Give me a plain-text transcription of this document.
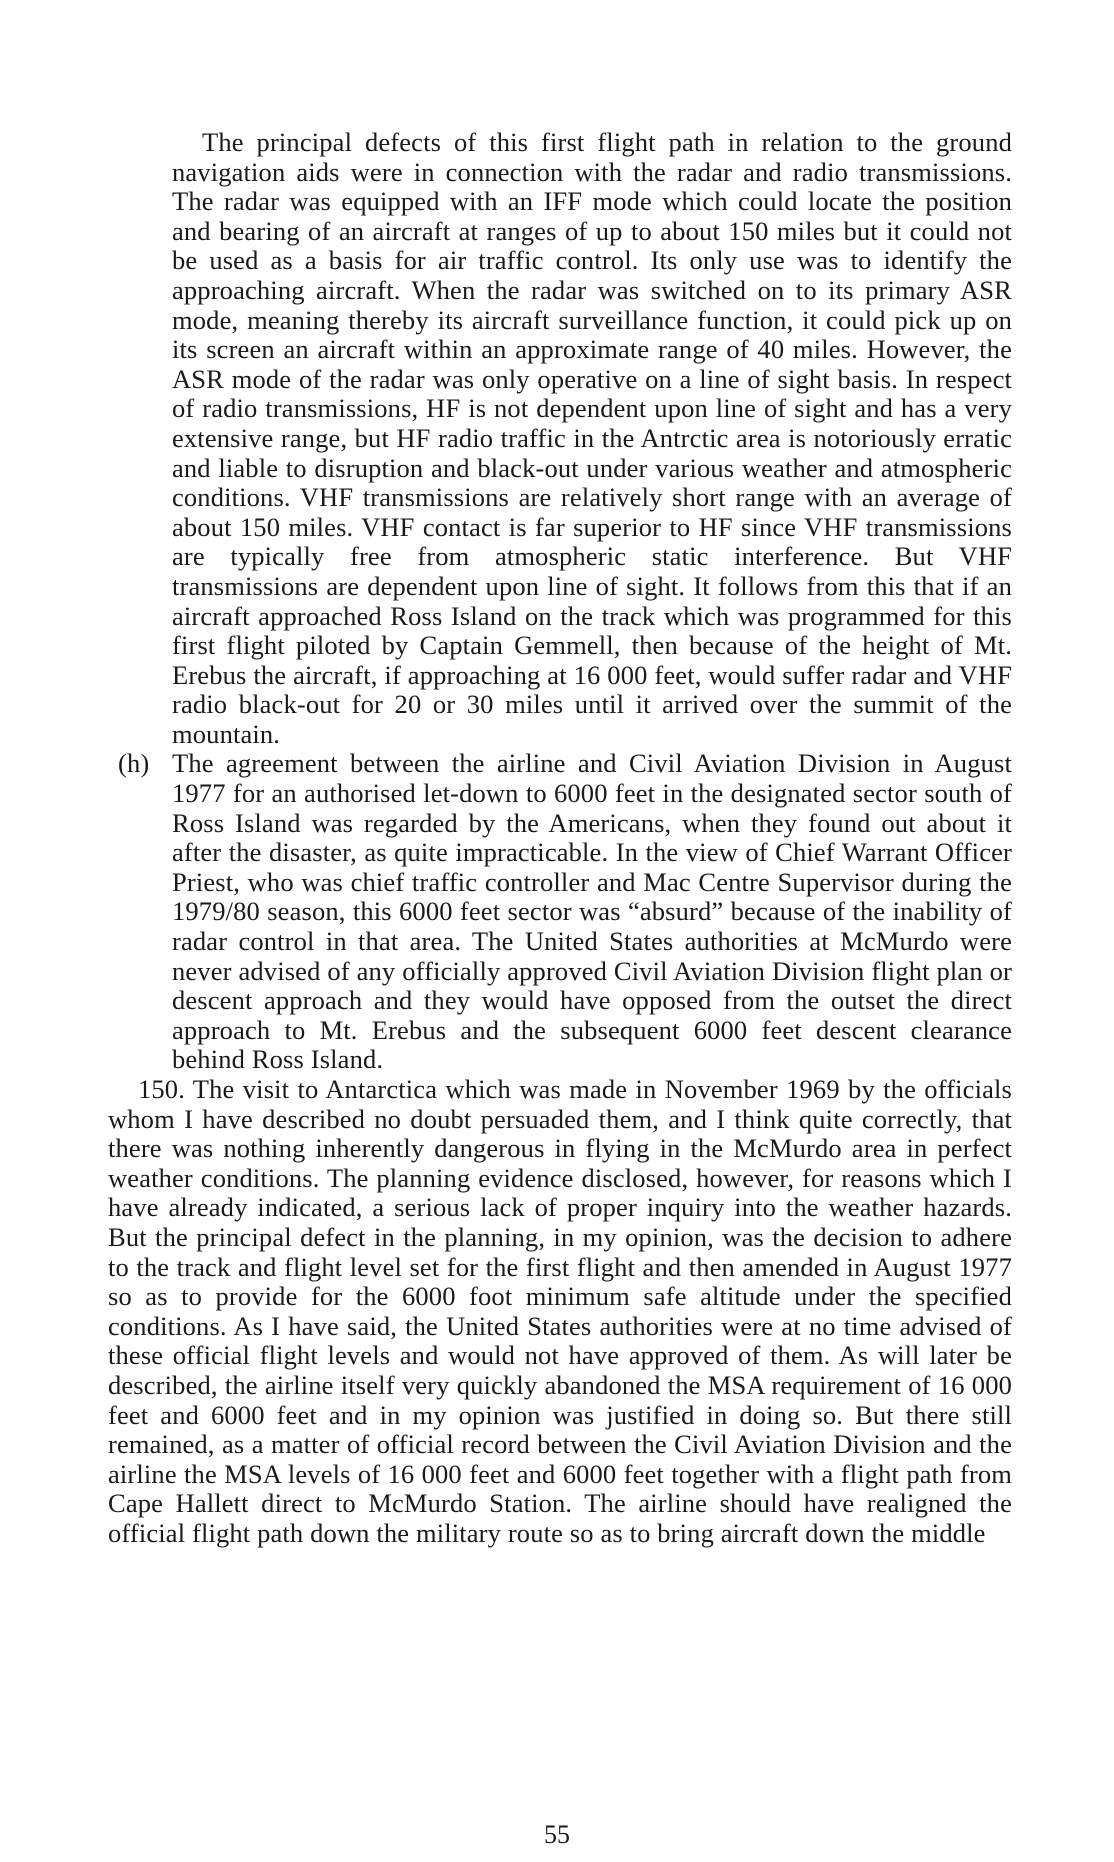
The principal defects of this first flight path in relation to the ground navigation aids were in connection with the radar and radio transmissions. The radar was equipped with an IFF mode which could locate the position and bearing of an aircraft at ranges of up to about 150 miles but it could not be used as a basis for air traffic control. Its only use was to identify the approaching aircraft. When the radar was switched on to its primary ASR mode, meaning thereby its aircraft surveillance function, it could pick up on its screen an aircraft within an approximate range of 40 miles. However, the ASR mode of the radar was only operative on a line of sight basis. In respect of radio transmissions, HF is not dependent upon line of sight and has a very extensive range, but HF radio traffic in the Antrctic area is notoriously erratic and liable to disruption and black-out under various weather and atmospheric conditions. VHF transmissions are relatively short range with an average of about 150 miles. VHF contact is far superior to HF since VHF transmissions are typically free from atmospheric static interference. But VHF transmissions are dependent upon line of sight. It follows from this that if an aircraft approached Ross Island on the track which was programmed for this first flight piloted by Captain Gemmell, then because of the height of Mt. Erebus the aircraft, if approaching at 16 000 feet, would suffer radar and VHF radio black-out for 20 or 30 miles until it arrived over the summit of the mountain.

(h) The agreement between the airline and Civil Aviation Division in August 1977 for an authorised let-down to 6000 feet in the designated sector south of Ross Island was regarded by the Americans, when they found out about it after the disaster, as quite impracticable. In the view of Chief Warrant Officer Priest, who was chief traffic controller and Mac Centre Supervisor during the 1979/80 season, this 6000 feet sector was “absurd” because of the inability of radar control in that area. The United States authorities at McMurdo were never advised of any officially approved Civil Aviation Division flight plan or descent approach and they would have opposed from the outset the direct approach to Mt. Erebus and the subsequent 6000 feet descent clearance behind Ross Island.

150. The visit to Antarctica which was made in November 1969 by the officials whom I have described no doubt persuaded them, and I think quite correctly, that there was nothing inherently dangerous in flying in the McMurdo area in perfect weather conditions. The planning evidence disclosed, however, for reasons which I have already indicated, a serious lack of proper inquiry into the weather hazards. But the principal defect in the planning, in my opinion, was the decision to adhere to the track and flight level set for the first flight and then amended in August 1977 so as to provide for the 6000 foot minimum safe altitude under the specified conditions. As I have said, the United States authorities were at no time advised of these official flight levels and would not have approved of them. As will later be described, the airline itself very quickly abandoned the MSA requirement of 16 000 feet and 6000 feet and in my opinion was justified in doing so. But there still remained, as a matter of official record between the Civil Aviation Division and the airline the MSA levels of 16 000 feet and 6000 feet together with a flight path from Cape Hallett direct to McMurdo Station. The airline should have realigned the official flight path down the military route so as to bring aircraft down the middle

55
